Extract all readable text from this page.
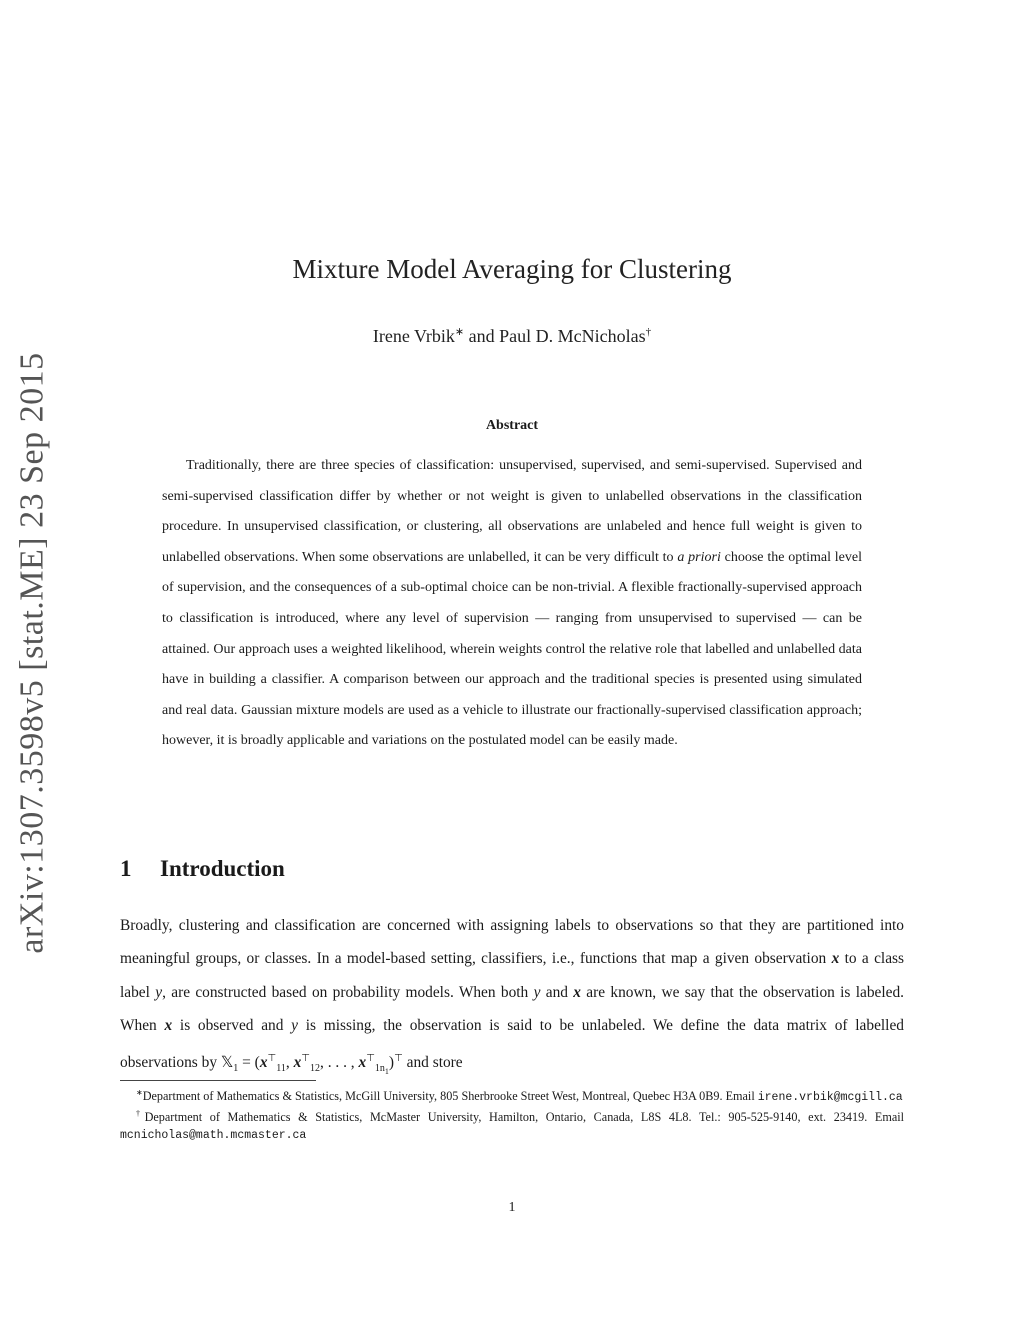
arXiv:1307.3598v5 [stat.ME] 23 Sep 2015
Mixture Model Averaging for Clustering
Irene Vrbik∗ and Paul D. McNicholas†
Abstract
Traditionally, there are three species of classification: unsupervised, supervised, and semi-supervised. Supervised and semi-supervised classification differ by whether or not weight is given to unlabelled observations in the classification procedure. In unsupervised classification, or clustering, all observations are unlabeled and hence full weight is given to unlabelled observations. When some observations are unlabelled, it can be very difficult to a priori choose the optimal level of supervision, and the consequences of a sub-optimal choice can be non-trivial. A flexible fractionally-supervised approach to classification is introduced, where any level of supervision — ranging from unsupervised to supervised — can be attained. Our approach uses a weighted likelihood, wherein weights control the relative role that labelled and unlabelled data have in building a classifier. A comparison between our approach and the traditional species is presented using simulated and real data. Gaussian mixture models are used as a vehicle to illustrate our fractionally-supervised classification approach; however, it is broadly applicable and variations on the postulated model can be easily made.
1 Introduction
Broadly, clustering and classification are concerned with assigning labels to observations so that they are partitioned into meaningful groups, or classes. In a model-based setting, classifiers, i.e., functions that map a given observation x to a class label y, are constructed based on probability models. When both y and x are known, we say that the observation is labeled. When x is observed and y is missing, the observation is said to be unlabeled. We define the data matrix of labelled observations by 𝕏$_1$ = ($x^⊤_{11}$, $x^⊤_{12}$, . . . , $x^⊤_{1n_1})^⊤$ and store
∗Department of Mathematics & Statistics, McGill University, 805 Sherbrooke Street West, Montreal, Quebec H3A 0B9. Email irene.vrbik@mcgill.ca
†Department of Mathematics & Statistics, McMaster University, Hamilton, Ontario, Canada, L8S 4L8. Tel.: 905-525-9140, ext. 23419. Email mcnicholas@math.mcmaster.ca
1
